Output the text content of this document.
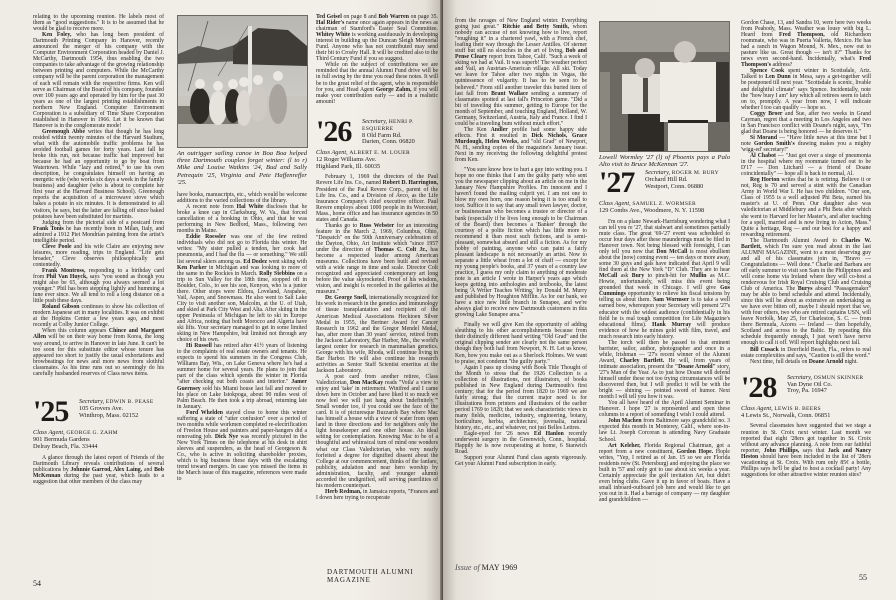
relating to the upcoming reunion. He labels most of them as "good suggestions." It is to be assumed that he would be glad to receive more.

Ken Foley, who has long been president of Dartmouth Printing Company in Hanover, recently announced the merger of his company with the Computer Environment Corporation headed by Daniel J. McCarthy, Dartmouth 1954, thus enabling the two companies to take advantage of the growing relationship between printing and computers. While the McCarthy company will be the parent corporation the management of each will remain with the respective firms. Ken will serve as Chairman of the Board of his company, founded over 100 years ago and operated by him for the past 30 years as one of the largest printing establishments in northern New England. Computer Environment Corporation is a subsidiary of Time Share Corporation established in Hanover in 1966. Let it be known that Hanover is in the conglomerate mode!

Greenough Abbe writes that though he has long resided within twenty minutes of the Harvard Stadium, what with the automobile traffic problems he has avoided football games for forty years. Last fall he broke this run, not because traffic had improved but because he had an opportunity to go by boat from Watertown. While "lazy and retired," to use his own description, he congratulates himself on having an energetic wife (who works six days a week in the family business) and daughter (who is about to complete her first year at the Harvard Business School). Greenough reports the acquisition of a microwave stove which bakes a potato in six minutes. It is demonstrated to all visitors, he says, but the latter are falling off since baked potatoes have been substituted for martinis.

Judging from the pictorial side of a postcard from Frank Tonis he has recently been in Milan, Italy, and admired a 1912 Piet Mondrian painting from the artist's intelligible period.

Cleve Poole and his wife Claire are enjoying new leisures, more reading, trips to England. "Life gets broader," Cleve observes philosophically and contentedly.

Frank Montross, responding to a birthday card from Phil Van Huyck, says "you sound as though you might also be 65, although you always seemed a lot younger." Phil has been stepping lightly and humming a tune ever since. We all tend to roll a long distance on a little push these days.

Roland Gibson continues to show his collection of modern Japanese art in many localities. It was on exhibit at the Hopkins Center a few years ago, and most recently at Colby Junior College.

When this column appears Chince and Margaret Allen will be on their way home from Korea, the long way around, to arrive in Hanover in late June. It can't be too soon for this substitute editor whose tenure has appeared too short to justify the usual exhortations and browbeatings for news and more news from slothful classmates. As his time runs out so seemingly do his carefully husbanded reserves of Class news items.

'25 Secretary, EDWIN B. PEASE
105 Grovers Ave.
Winthrop, Mass. 02152
Class Agent, GEORGE G. ZAHM
901 Bermuda Gardens
Delray Beach, Fla. 33444

A glance through the latest report of Friends of the Dartmouth Library reveals contributions of several publications by Johnnie Garrod, Alex Laing, and Bob McKennan during the past year, which leads to a suggestion that other members of the class may

An outrigger sailing canoe in Boa Boa helped three Dartmouth couples forget winter: (l to r) Mike and Louise Watkins '24, Bud and Sally Petrequin '25, Virginia and Pete Haffenreffer '25.

have books, manuscripts, etc., which would be welcome additions to the varied collections of the library.

A recent note from Hal White discloses that he broke a knee cap in Clarksburg, W. Va., that forced cancellation of a booking in Ohio, and that he was performing in New Bedford, Mass., following two months in Maine.

Eddie Roessler was one of the few retired individuals who did not go to Florida this winter. He writes: "My sister pulled a tendon, her cook had pneumonia, and I had the flu — or something." We still list several skiers among us. Ed Dodez went skiing with Ken Parker in Michigan and was looking to more of the same in the Rockies in March. Rolly Stebbins on a trip to Sun Valley for the 18th time, stopped off in Boulder, Colo., to see his son, Kenyon, who is a junior there. Other stops were Eldora, Loveland, Arapahoe, Vail, Aspen, and Snowmass. He also went to Salt Lake City to visit another son, Malcolm, at the U. of Utah, and skied at Park City West and Alta. After skiing in the upper Peninsula of Michigan he left to ski in Europe and Africa, noting that both Morocco and Algeria have ski lifts. Your secretary managed to get in some limited skiing in New Hampshire, but limited not through any choice of his own.

Hi Russell has retired after 41½ years of listening to the complaints of real estate owners and tenants. He expects to spend his summers in the Congress Club, Williams Bay, Wis., on Lake Geneva where he's had a summer home for several years. He plans to join that part of the class which spends the winter in Florida "after checking out both coasts and interior." Jamer Guernsey sold his Miami house last fall and moved to his place on Lake Istokpoga, about 90 miles west of Palm Beach. He then took a trip abroad, returning late in January.

Ford Whelden stayed close to home this winter suffering a state of "utter confusion" over a period of two months while workmen completed re-electrification of Freelon House and painters and paper-hangers did a renovating job. Dick Nye was recently pictured in the New York Times on the telephone at his desk in shirt sleeves and suspenders, as the head of Georgeson & Co., who is active in soliciting shareholder proxies, which is big business these days with the escalating trend toward mergers. In case you missed the items in the March issue of this magazine, references were made to

Ted Geisel on page 8 and Bob Warren on page 35. Hal Rider's name once again appears in the news as chairman of Stamford's Easter Seal Committee. Whitey White is working assiduously in developing interest in building up the Duncan Sleigh Memorial Fund. Anyone who has not contributed may send their bit to Crosby Hall. It will be credited also to the Third Century Fund if you so suggest.

While on the subject of contributions we are reminded that the annual Alumni Fund drive will be in full swing by the time you read these notes. It will be to the great relief of the agent, who is responsible for you, and Head Agent George Zahm, if you will make your contribution early — and in a realistic amount!

'26 Secretary, HENRI P. ESQUERRE
8 Old Farm Rd.
Darien, Conn. 06820
Class Agent, ALBERT E. M. LOUER
12 Roger Williams Ave.
Highland Park, Ill. 60035

February 1, 1969 the directors of the Paul Revere Life Ins. Co., named Robert D. Harrington, President of the Paul Revere Corp., parent of the Life Ins. Co., and a Division of Avco, as the Life Insurance Company's chief executive officer. Paul Revere employs about 1000 people in its Worcester, Mass., home office and has insurance agencies in 50 states and Canada.

Thanks go to Russ Webster for an interesting feature in the March 2, 1969, Columbus, Ohio, "Despatch" on the 50th Anniversary celebration of the Dayton, Ohio, Art Institute which "since 1957 under the direction of Thomas C. Colt Jr., has become a respected leader among American museums. Collections have been built and revised with a wide range in time and scale. Director Colt recognized and appreciated contemporary art long before the value skyrocketed. Proof of his wisdom, vision, and insight is recorded in the galleries at the museum."

Dr. George Snell, internationally recognized for his work in research in the genetics and immunology of tissue transplantation and recipient of the American Medical Associations Hecktoen Silver Medal in 1955, the Bertner Award for Cancer Research in 1962 and the Gregor Mendel Medal, has, after more than 30 years' service, retired from the Jackson Laboratory, Bar Harbor, Me., the world's largest center for research in mammalian genetics. George with his wife, Rhoda, will continue living in Bar Harbor. He will also continue his research activities as Senior Staff Scientist emeritus at the Jackson Laboratory.

A post card from another retiree, Class Valedictorian, Don MacKay reads "Voila' a view to enjoy and 'take' in retirement. Winifred and I came down here in October and have liked it so much we now feel we will just hang about 'indefinitely.'" Small wonder too, if you could see the face of the card. It is of picturesque Buzzards Bay where Mac has himself a house with a view of water from open land in three directions and for neighbors only the light housekeeper and one other house. An ideal setting for contemplation. Knowing Mac to be of a thoughtful and whimsical turn of mind one wonders what our Class Valedictorian, who very nearly forfeited a degree for dignified dissent about the College at our commencement, thinks of the fanfare, publicity, adulation and near hero worship by administration, faculty, and younger alumni accorded the undignified, self serving puerilities of his modern counterpart.

Herb Redman, in Jamaica reports, "Frances and I down here trying to recuperate

54
DARTMOUTH ALUMNI MAGAZINE

from the ravages of New England winter. Everything going just great." Ritchie and Betty Smith, whom nobody can accuse of not knowing how to live, report "roughing it" in a chartered yawl, with a French chef, loafing their way through the Lesser Antilles. Of sterner stuff but still no slouches in the art of living, Bob and Pense Cleary report from Tahoe, Calif. "Such a week of skiing we had at Vail. It was superb! The weather perfect and Vail, an Austrian-American village. All ski. Today we leave for Tahoe after two nights in Vegas, the quintessence of vulgarity. It has to be seen to be believed." From still another traveler this buried item of last fall from Brant Wallace sending a summary of classmates spotted at last fall's Princeton game. "Did a bit of traveling this summer, getting to Europe for the month of September, and touching England, Holland, W. Germany, Switzerland, Austria, Italy and France. I find I could be a traveling bum without much effort."

The Ken Andler profile had some happy side effects. First it resulted in Dick Nichols, Grace Murdough, Helen Weeks, and "old Grad" of Newport, N. H., sending copies of the magazine's January issue. Next in my receiving the following delightful protest from Ken.

"You sure know how to hurt a guy into writing you. I hope no one thinks that I am the guilty party who sent you the newspaper clipping about an article on me in the January New Hampshire Profiles. I'm innocent and I haven't found the mailing culprit yet. I am not one to blow my own horn, one reason being it is too small to toot. Suffice it to say that any small town lawyer, doctor, or businessman who becomes a trustee or director of a bank (especially if he lives long enough to be Chairman of the Board) then becomes a 'Banker' through the courtesy of a polite fiction which has little more to recommend it than most such fictions, and is semi-pleasant, somewhat absurd and still a fiction. As for my hobby of painting, anyone who can paint a fairly pleasant landscape is not necessarily an artist. Now to separate a little wheat from a lot of chaff — except for my young people's books, and 37 years of a country law practice, I guess my only claim to anything of moderate note is an article I wrote in Harper's years ago which keeps getting into anthologies and textbooks, the latest being 'A Writer Teaches Writing,' by Donald M. Murry and published by Houghton Mifflin. As for our bank, we have a nice new little branch in Sunapee, and we're always glad to receive new Dartmouth customers in this growing Lake Sunapee area."

Finally we will give Ken the opportunity of adding sleuthing to his other accomplishments because from their distinctly different hand writing "Old Grad" and the original clipping sender are clearly not the same person though they both hail from Newport, N. H. Let us know, Ken, how you make out as a Sherlock Holmes. We want to praise, not condemn "the guilty party."

Again I pass up closing with Book Title Thought of the Month to stress that the 1926 Collection is a collection of illustrations, not illustrators, of books published in New England during Dartmouth's first century; that for the period from 1820 to 1969 we are fairly strong; that the current major need is for illustrations from printers and illustrators of the earlier period 1769 to 1820; that we seek characteristic views in many fields, medicine, industry, engineering, botany, horticulture, herbia, architecture, juvenalia, natural history, etc., etc., and whatever, not just Belles Lettres.

Eagle-eyed for '26 news Ed Hanlon recently underwent surgery in the Greenwich, Conn., hospital. Happily he is now recuperating at home, 6 Stanwich Road.

Support your Alumni Fund class agents vigorously. Get your Alumni Fund subscription in early.

Issue of MAY 1969
Lowell Wormley '27 (l) of Phoenix pays a Palo Alto visit to Bruce McKennan '27.
'27 Secretary, ROGER M. BURY
Orchard Hill Rd.
Westport, Conn. 06880
Class Agent, SAMUEL Z. WORMSER
129 Combs Ave., Woodmere, N. Y. 11598

I'm on a plane Newark-Harrisburg wondering what I can tell you re '27, that stalwart and sometimes partially mute class. The great '69-'27 event was scheduled to occur four days after these maunderings must be filed in Hanover town. Not being blessed with foresight, I can only tell you now that Don McCall is most ebullient about the (now) coming event — ten days or more away, some 30 guys and gals have indicated that April 9 will find them at the New York "D" Club. They are to hear McCall ask Bury to pinch-hit for Mullin as M.C. Howie, unfortunately, will miss this event being grounded that week in Chicago. I will give Gus Cummings opportunity to relieve his fiscal tensions by telling us about them. Sam Wormser is to take a well earned bow, whereupon your Secretary will present '27's educator with the widest audience (confidentially in his field he is real tough competition for Life Magazine's educational films). Hank Murray will produce evidence of how he mines gold with film, travel, and much research into early history.

The torch will then be passed to that eminent barrister, sailor, author, photographer and once in a while, Irishman — '27's recent winner of the Alumni Award, Charley Bartlett. He will, from years of intimate association, present the "Doane Arnold" story, '27's Man of the Year. As to just how Doane will defend himself under these not too trying circumstances will be discovered then, but I will predict it will be with the bright — shining — pointed sword of humor. Next month I will tell you how it was.

You all have heard of the April Alumni Seminar in Hanover. I hope '27 is represented and open these columns to a report of something I wish I could attend.

John Machen from Baltimore says grandchild no. 3 expected this month in Monterey, Calif., where son-in-law Lt. Joseph Corcoran is attending Navy Graduate School.

Art Keleher, Florida Regional Chairman, got a report from a new constituent, Gordon Hope. Hople writes, "Yep, I retired as of Jan. 15 so we are Florida residents now (St. Petersburg) and enjoying the place we built in '57 and only got to use about six weeks a year. Certainly appreciate the golf invitation Art, but didn't even bring clubs. Gave it up in favor of boats. Have a small inboard-outboard job here and would like to get you out in it. Had a barrage of company — my daughter and grandchildren —

Gordon Chase, 13, and Sandra 10, were here two weeks from Peabody, Mass. Weather was lousy with big L. Heard from Fred Thompson, old Richardson roommate, who was in Puerta Vallerta, Mexico. He has had a ranch in Wagon Mound, N. Mex., now out to pasture like us. Great though — isn't it?" Thanks for news even second-hand. Incidentally, what's Fred Thompson's address?

Spence Cook spent winter in Scottsdale, Ariz. Talked to Len Dunn in Mesa, says a get-together will be postponed till next year. "Scottsdale is scenic, livable and delightful climate" says Spence. Incidentally, note the "how busy I am" key which all retirees seem to latch on to, promptly. A year from now, I will indicate whether I too can qualify — hope so.

Coggy Broer and Sue, after two weeks in Grand Cayman, regret that a meeting in Los Angeles and two in San Francisco conflict with Doane's night, says, "I'm glad that Doane is being honored — he deserves it."

Si Morand — "Have little news at this time but I note Gordon Smith's drawing makes you a mighty 'wigg-ed' secretary!"

Al Chabot — "Just got over a siege of pneumonia in the hospital where my roommate turned out to be D'17 — Don Litchard — a friend of Doane coincidentally" — hope all is back to normal, Al.

Reg Horton writes that he is retiring. Believe it or not, Reg is 70 and served a stint with the Canadian Army in World War I. He has two children. "Our son, Class of 1955 is a well adjusted Phi Beta, earned his master's at U. of Penn. Our daughter also was valedictorian at Middlebury and a Phi Beta after which she went to Harvard for her Master's, and after teaching for a spell, married and is now living in Acton, Mass." Quite a heritage, Reg — and our best for a happy and rewarding retirement.

The Dartmouth Alumni Award to Charles W. Bartlett, which I'm sure you read about in the last ALUMNI MAGAZINE, went to a most deserving guy and all of his classmates join in, "Bravo — Congratulations — Well done." Charlie and Barbara are off early summer to visit son Sam in the Philippines and will come home via Ireland where they will co-host a rendezvous for Irish Royal Cruising Club and Cruising Club of America. The Burys aboard "Passagemaker" may be able to bend schedule and attend. Incidentally, since this will be about as extensive an undertaking as we have ever bitten off, maybe I should report that we, with four others, two who are retired captains USN, will leave Norfolk, May 25, for Charleston, S. C. — from there Bermuda, Azores — Ireland — then hopefully, Scotland and across to the Baltic. By repeating this schedule frequently enough, I just won't have nerve enough to call it off. Will report highlights next fall.

Bill Cusack in Deerfield Beach, Fla., refers to real estate complexities and says, "Caution is still the word."

Next time, full details on Doane Arnold night.

'28 Secretary, OSMUN SKINNER
Van Dyne Oil Co.
Troy, Pa. 16947
Class Agent, LEWIS B. BEERS
4 Lewis St., Norwalk, Conn. 06851

Several classmates have suggested that we stage a reunion in St. Croix next winter. Last month we reported that eight '28ers got together in St. Croix without any advance planning. A note from our faithful reporter, John Phillips, says that Jack and Nancy Heston should have been included in the list of '28ers vacationing at St. Croix. With rum only 85¢ a bottle, Phillips says he'll be glad to host a cocktail party! Any suggestions for other attractive winter reunion sites?

55
